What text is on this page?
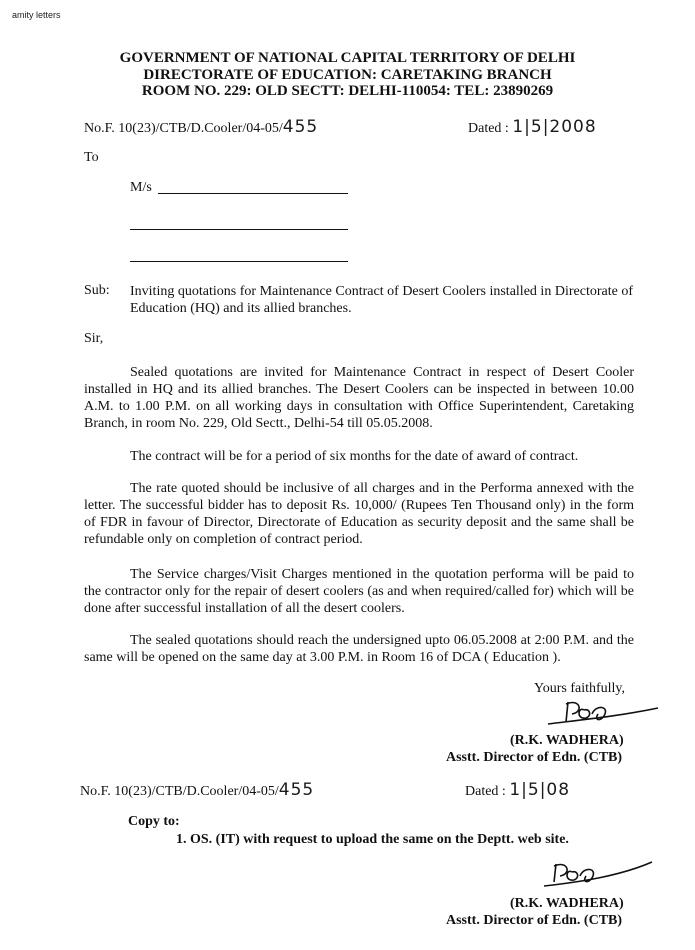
amity letters
GOVERNMENT OF NATIONAL CAPITAL TERRITORY OF DELHI
DIRECTORATE OF EDUCATION: CARETAKING BRANCH
ROOM NO. 229: OLD SECTT: DELHI-110054: TEL: 23890269
No.F. 10(23)/CTB/D.Cooler/04-05/455	Dated : 1|5|2008
To
M/s
Sub: Inviting quotations for Maintenance Contract of Desert Coolers installed in Directorate of Education (HQ) and its allied branches.
Sir,
Sealed quotations are invited for Maintenance Contract in respect of Desert Cooler installed in HQ and its allied branches. The Desert Coolers can be inspected in between 10.00 A.M. to 1.00 P.M. on all working days in consultation with Office Superintendent, Caretaking Branch, in room No. 229, Old Sectt., Delhi-54 till 05.05.2008.
The contract will be for a period of six months for the date of award of contract.
The rate quoted should be inclusive of all charges and in the Performa annexed with the letter. The successful bidder has to deposit Rs. 10,000/ (Rupees Ten Thousand only) in the form of FDR in favour of Director, Directorate of Education as security deposit and the same shall be refundable only on completion of contract period.
The Service charges/Visit Charges mentioned in the quotation performa will be paid to the contractor only for the repair of desert coolers (as and when required/called for) which will be done after successful installation of all the desert coolers.
The sealed quotations should reach the undersigned upto 06.05.2008 at 2:00 P.M. and the same will be opened on the same day at 3.00 P.M. in Room 16 of DCA ( Education ).
Yours faithfully,
(R.K. WADHERA)
Asstt. Director of Edn. (CTB)
No.F. 10(23)/CTB/D.Cooler/04-05/455	Dated : 1|5|08
Copy to:
1. OS. (IT) with request to upload the same on the Deptt. web site.
(R.K. WADHERA)
Asstt. Director of Edn. (CTB)
